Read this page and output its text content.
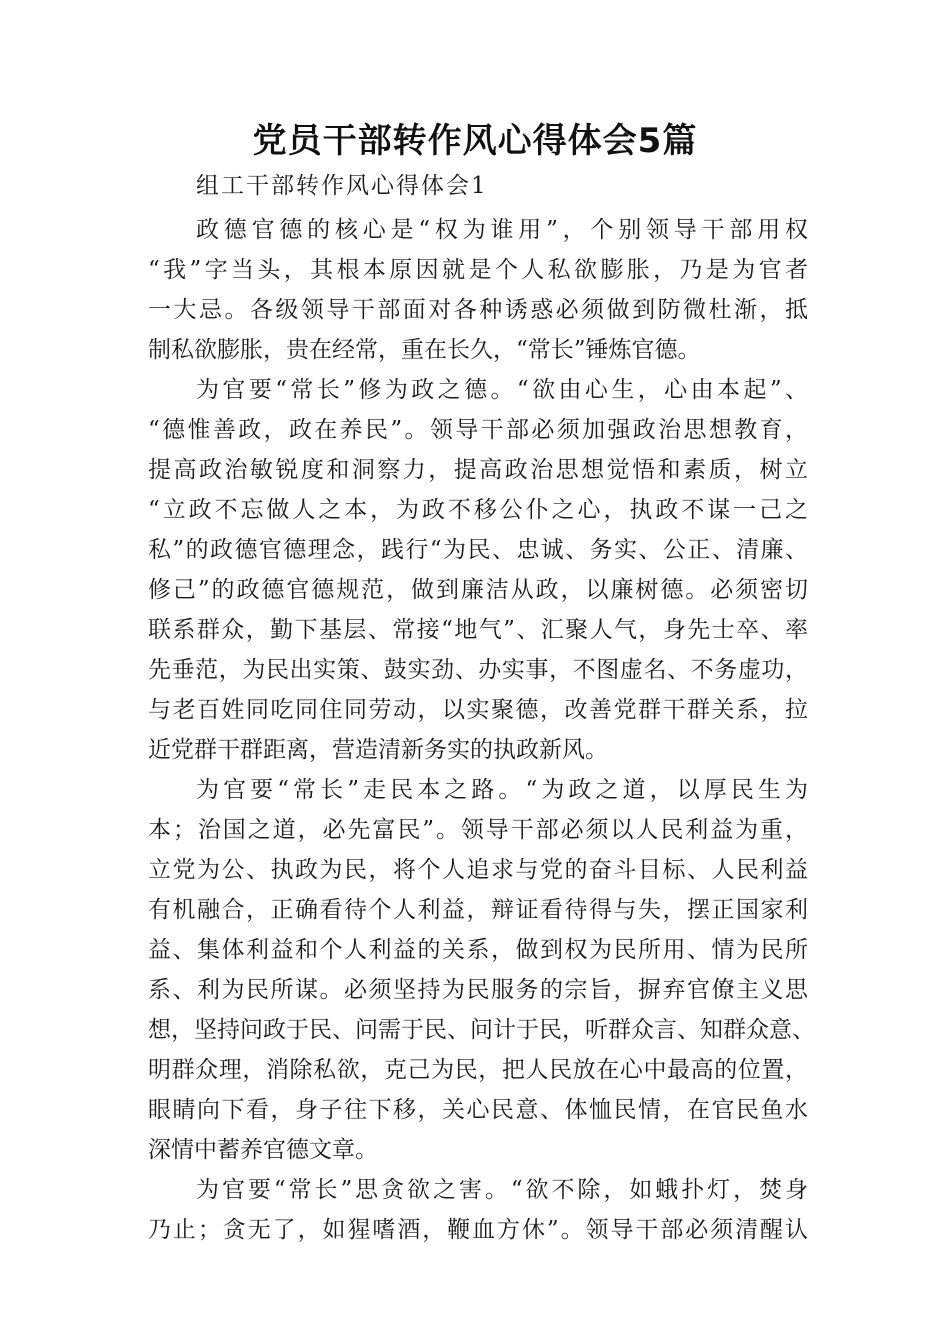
党员干部转作风心得体会5篇
组工干部转作风心得体会1
政德官德的核心是“权为谁用”，个别领导干部用权
“我”字当头，其根本原因就是个人私欲膨胀，乃是为官者
一大忌。各级领导干部面对各种诱惑必须做到防微杜渐，抵
制私欲膨胀，贵在经常，重在长久，“常长”锤炼官德。
为官要“常长”修为政之德。“欲由心生，心由本起”、
“德惟善政，政在养民”。领导干部必须加强政治思想教育，
提高政治敏锐度和洞察力，提高政治思想觉悟和素质，树立
“立政不忘做人之本，为政不移公仆之心，执政不谋一己之
私”的政德官德理念，践行“为民、忠诚、务实、公正、清廉、
修己”的政德官德规范，做到廉洁从政，以廉树德。必须密切
联系群众，勤下基层、常接“地气”、汇聚人气，身先士卒、率
先垂范，为民出实策、鼓实劲、办实事，不图虚名、不务虚功，
与老百姓同吃同住同劳动，以实聚德，改善党群干群关系，拉
近党群干群距离，营造清新务实的执政新风。
为官要“常长”走民本之路。“为政之道，以厚民生为
本；治国之道，必先富民”。领导干部必须以人民利益为重，
立党为公、执政为民，将个人追求与党的奋斗目标、人民利益
有机融合，正确看待个人利益，辩证看待得与失，摆正国家利
益、集体利益和个人利益的关系，做到权为民所用、情为民所
系、利为民所谋。必须坚持为民服务的宗旨，摒弃官僚主义思
想，坚持问政于民、问需于民、问计于民，听群众言、知群众意、
明群众理，消除私欲，克己为民，把人民放在心中最高的位置，
眼睛向下看，身子往下移，关心民意、体恤民情，在官民鱼水
深情中蓄养官德文章。
为官要“常长”思贪欲之害。“欲不除，如蛾扑灯，焚身
乃止；贪无了，如猩嗜酒，鞭血方休”。领导干部必须清醒认
